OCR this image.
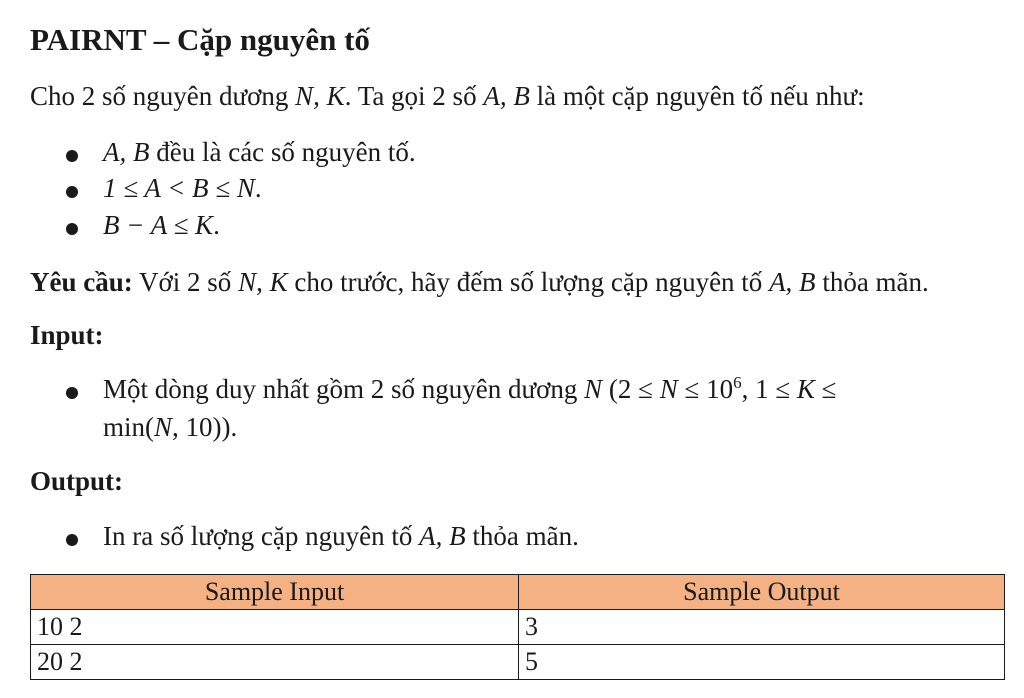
PAIRNT – Cặp nguyên tố

Cho 2 số nguyên dương N, K. Ta gọi 2 số A, B là một cặp nguyên tố nếu như:

A, B đều là các số nguyên tố.

1 ≤ A < B ≤ N.

B − A ≤ K.

Yêu cầu: Với 2 số N, K cho trước, hãy đếm số lượng cặp nguyên tố A, B thỏa mãn.

Input:

Một dòng duy nhất gồm 2 số nguyên dương N ($2 \le N \le 10^6$, 1 ≤ K ≤

min(N, 10)).

Output:

In ra số lượng cặp nguyên tố A, B thỏa mãn.

Sample Input	Sample Output
10 2	3
20 2	5
